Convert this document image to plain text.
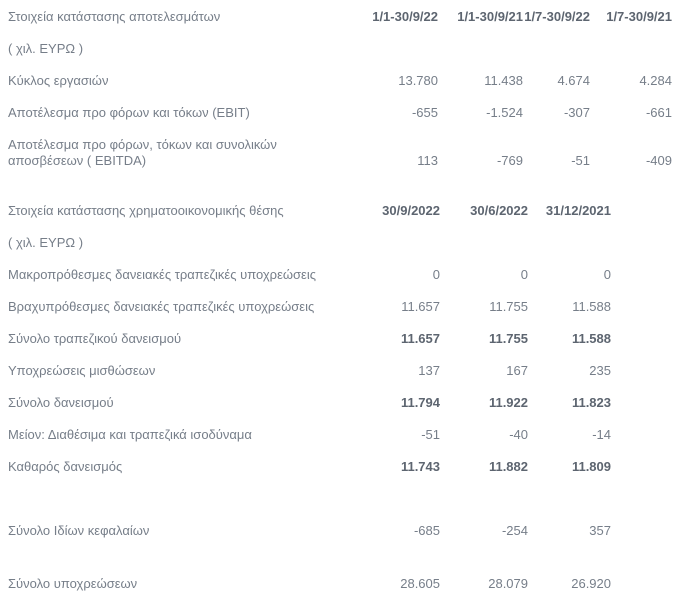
Στοιχεία κατάστασης αποτελεσμάτων	1/1-30/9/22	1/1-30/9/21	1/7-30/9/22	1/7-30/9/21	
( χιλ. ΕΥΡΩ )					
Κύκλος εργασιών	13.780	11.438	4.674	4.284	
Αποτέλεσμα προ φόρων και τόκων (EBIT)	-655	-1.524	-307	-661	
Αποτέλεσμα προ φόρων, τόκων και συνολικών αποσβέσεων ( EBITDA)	113	-769	-51	-409	
Στοιχεία κατάστασης χρηματοοικονομικής θέσης	30/9/2022	30/6/2022	31/12/2021	
( χιλ. ΕΥΡΩ )				
Μακροπρόθεσμες δανειακές τραπεζικές υποχρεώσεις	0	0	0	
Βραχυπρόθεσμες δανειακές τραπεζικές υποχρεώσεις	11.657	11.755	11.588	
Σύνολο τραπεζικού δανεισμού	11.657	11.755	11.588	
Υποχρεώσεις μισθώσεων	137	167	235	
Σύνολο δανεισμού	11.794	11.922	11.823	
Μείον: Διαθέσιμα και τραπεζικά ισοδύναμα	-51	-40	-14	
Καθαρός δανεισμός	11.743	11.882	11.809	
Σύνολο Ιδίων κεφαλαίων	-685	-254	357	
Σύνολο υποχρεώσεων	28.605	28.079	26.920	
